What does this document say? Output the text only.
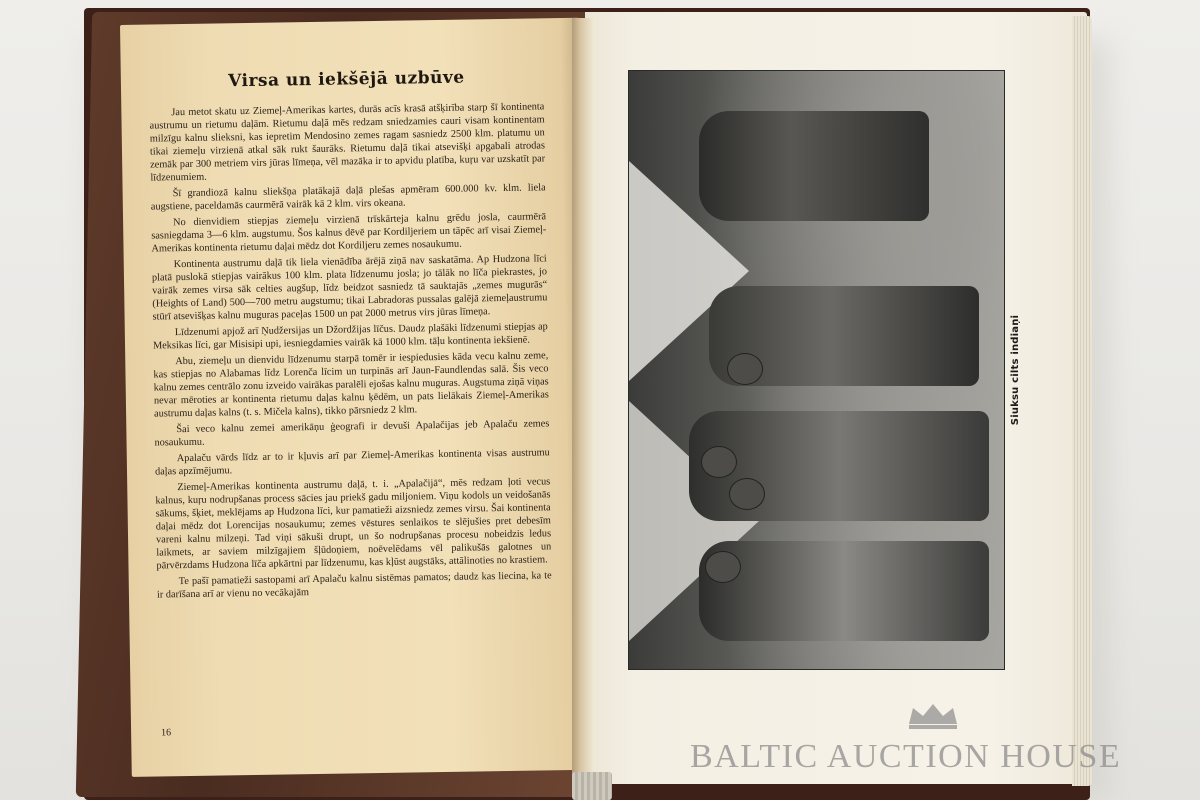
Virsa un iekšējā uzbūve

Jau metot skatu uz Ziemeļ-Amerikas kartes, durās acīs krasā atšķirība starp šī kontinenta austrumu un rietumu daļām. Rietumu daļā mēs redzam sniedzamies cauri visam kontinentam milzīgu kalnu slieksni, kas iepretim Mendosino zemes ragam sasniedz 2500 klm. platumu un tikai ziemeļu virzienā atkal sāk rukt šaurāks. Rietumu daļā tikai atsevišķi apgabali atrodas zemāk par 300 metriem virs jūras līmeņa, vēl mazāka ir to apvidu platība, kuŗu var uzskatīt par līdzenumiem.

Šī grandiozā kalnu sliekšņa platākajā daļā plešas apmēram 600.000 kv. klm. liela augstiene, paceldamās caurmērā vairāk kā 2 klm. virs okeana.

No dienvidiem stiepjas ziemeļu virzienā trīskārteja kalnu grēdu josla, caurmērā sasniegdama 3—6 klm. augstumu. Šos kalnus dēvē par Kordiljeriem un tāpēc arī visai Ziemeļ-Amerikas kontinenta rietumu daļai mēdz dot Kordiljeru zemes nosaukumu.

Kontinenta austrumu daļā tik liela vienādība ārējā ziņā nav saskatāma. Ap Hudzona līci platā puslokā stiepjas vairākus 100 klm. plata līdzenumu josla; jo tālāk no līča piekrastes, jo vairāk zemes virsa sāk celties augšup, līdz beidzot sasniedz tā sauktajās „zemes mugurās“ (Heights of Land) 500—700 metru augstumu; tikai Labradoras pussalas galējā ziemeļaustrumu stūrī atsevišķas kalnu muguras paceļas 1500 un pat 2000 metrus virs jūras līmeņa.

Līdzenumi apjož arī Ņudžersijas un Džordžijas līčus. Daudz plašāki līdzenumi stiepjas ap Meksikas līci, gar Misisipi upi, iesniegdamies vairāk kā 1000 klm. tāļu kontinenta iekšienē.

Abu, ziemeļu un dienvidu līdzenumu starpā tomēr ir iespiedusies kāda vecu kalnu zeme, kas stiepjas no Alabamas līdz Lorenča līcim un turpinās arī Jaun-Faundlendas salā. Šis veco kalnu zemes centrālo zonu izveido vairākas paralēli ejošas kalnu muguras. Augstuma ziņā viņas nevar mēroties ar kontinenta rietumu daļas kalnu ķēdēm, un pats lielākais Ziemeļ-Amerikas austrumu daļas kalns (t. s. Mičela kalns), tikko pārsniedz 2 klm.

Šai veco kalnu zemei amerikāņu ģeografi ir devuši Apalačijas jeb Apalaču zemes nosaukumu.

Apalaču vārds līdz ar to ir kļuvis arī par Ziemeļ-Amerikas kontinenta visas austrumu daļas apzīmējumu.

Ziemeļ-Amerikas kontinenta austrumu daļā, t. i. „Apalačijā“, mēs redzam ļoti vecus kalnus, kuŗu nodrupšanas process sācies jau priekš gadu miljoniem. Viņu kodols un veidošanās sākums, šķiet, meklējams ap Hudzona līci, kur pamatieži aizsniedz zemes virsu. Šai kontinenta daļai mēdz dot Lorencijas nosaukumu; zemes vēstures senlaikos te slējušies pret debesīm vareni kalnu milzeņi. Tad viņi sākuši drupt, un šo nodrupšanas procesu nobeidzis ledus laikmets, ar saviem milzīgajiem šļūdoņiem, noēvelēdams vēl palikušās galotnes un pārvērzdams Hudzona līča apkārtni par līdzenumu, kas kļūst augstāks, attālinoties no krastiem.

Te pašī pamatieži sastopami arī Apalaču kalnu sistēmas pamatos; daudz kas liecina, ka te ir darīšana arī ar vienu no vecākajām

16
Siuksu cilts indiaņi
BALTIC AUCTION HOUSE
